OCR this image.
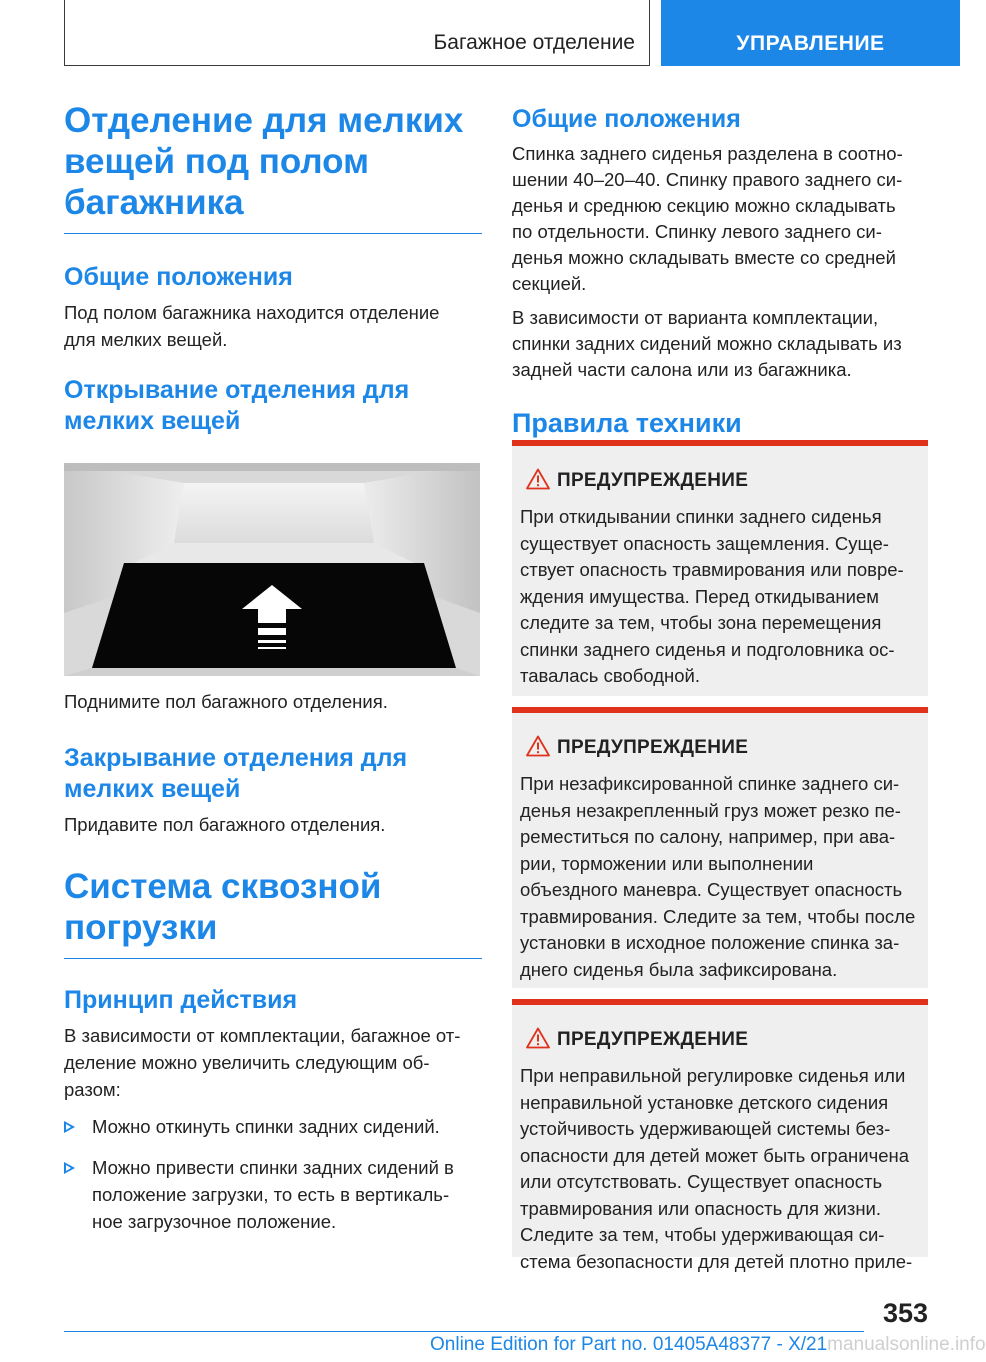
Багажное отделение	УПРАВЛЕНИЕ
Отделение для мелких
вещей под полом
багажника
Общие положения
Под полом багажника находится отделение
для мелких вещей.
Открывание отделения для
мелких вещей
Поднимите пол багажного отделения.
Закрывание отделения для
мелких вещей
Придавите пол багажного отделения.
Система сквозной
погрузки
Принцип действия
В зависимости от комплектации, багажное от-
деление можно увеличить следующим об-
разом:
Можно откинуть спинки задних сидений.
Можно привести спинки задних сидений в
положение загрузки, то есть в вертикаль-
ное загрузочное положение.
Общие положения
Спинка заднего сиденья разделена в соотно-
шении 40–20–40. Спинку правого заднего си-
денья и среднюю секцию можно складывать
по отдельности. Спинку левого заднего си-
денья можно складывать вместе со средней
секцией.
В зависимости от варианта комплектации,
спинки задних сидений можно складывать из
задней части салона или из багажника.
Правила техники
ПРЕДУПРЕЖДЕНИЕ
При откидывании спинки заднего сиденья
существует опасность защемления. Суще-
ствует опасность травмирования или повре-
ждения имущества. Перед откидыванием
следите за тем, чтобы зона перемещения
спинки заднего сиденья и подголовника ос-
тавалась свободной.
ПРЕДУПРЕЖДЕНИЕ
При незафиксированной спинке заднего си-
денья незакрепленный груз может резко пе-
реместиться по салону, например, при ава-
рии, торможении или выполнении
объездного маневра. Существует опасность
травмирования. Следите за тем, чтобы после
установки в исходное положение спинка за-
днего сиденья была зафиксирована.
ПРЕДУПРЕЖДЕНИЕ
При неправильной регулировке сиденья или
неправильной установке детского сидения
устойчивость удерживающей системы без-
опасности для детей может быть ограничена
или отсутствовать. Существует опасность
травмирования или опасность для жизни.
Следите за тем, чтобы удерживающая си-
стема безопасности для детей плотно приле-
353
Online Edition for Part no. 01405A48377 - X/21manualsonline.info
